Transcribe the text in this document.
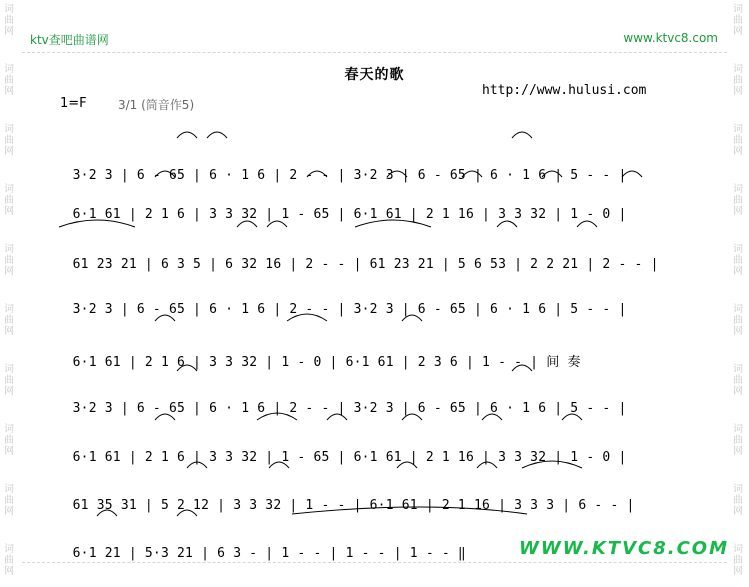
词
曲
网
词
曲
网
词
曲
网
词
曲
网
词
曲
网
词
曲
网
词
曲
网
词
曲
网
词
曲
网
词
曲
网
词
曲
网
词
曲
网
词
曲
网
词
曲
网
词
曲
网
词
曲
网
词
曲
网
词
曲
网
词
曲
网
词
曲
网
ktv查吧曲谱网	www.ktvc8.com
春天的歌
http://www.hulusi.com
1=F	3/1 (筒音作5)

3·2 3 | 6 - 65 | 6 · 1 6 | 2 - - | 3·2 3 | 6 - 65 | 6 · 1 6 | 5 - - |

6·1 61 | 2 1 6 | 3 3 32 | 1 - 65 | 6·1 61 | 2 1 16 | 3 3 32 | 1 - 0 |

61 23 21 | 6 3 5 | 6 32 16 | 2 - - | 61 23 21 | 5 6 53 | 2 2 21 | 2 - - |

3·2 3 | 6 - 65 | 6 · 1 6 | 2 - - | 3·2 3 | 6 - 65 | 6 · 1 6 | 5 - - |

6·1 61 | 2 1 6 | 3 3 32 | 1 - 0 | 6·1 61 | 2 3 6 | 1 - - | 间 奏

3·2 3 | 6 - 65 | 6 · 1 6 | 2 - - | 3·2 3 | 6 - 65 | 6 · 1 6 | 5 - - |

6·1 61 | 2 1 6 | 3 3 32 | 1 - 65 | 6·1 61 | 2 1 16 | 3 3 32 | 1 - 0 |

61 35 31 | 5 2 12 | 3 3 32 | 1 - - | 6·1 61 | 2 1 16 | 3 3 3 | 6 - - |

6·1 21 | 5·3 21 | 6 3 - | 1 - - | 1 - - | 1 - - ‖	WWW.KTVC8.COM
